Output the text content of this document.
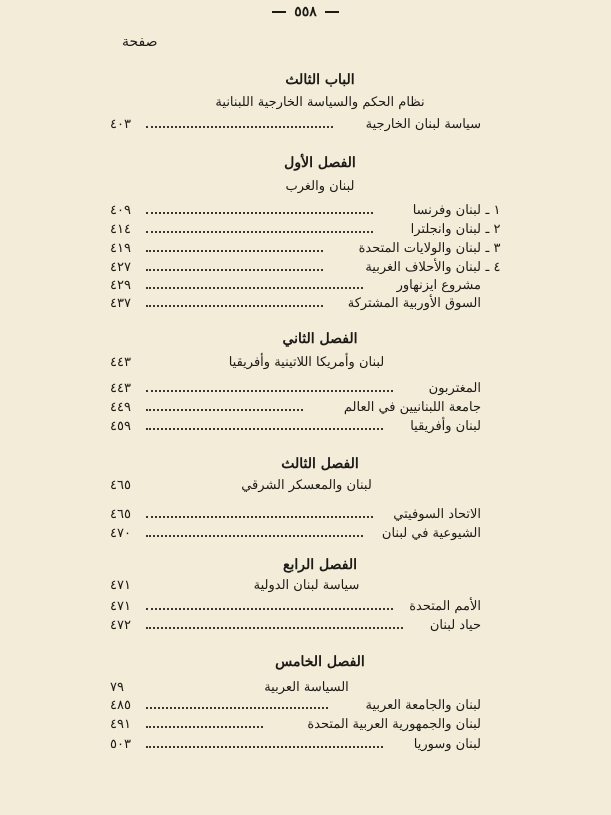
٥٥٨
صفحة
الباب الثالث
نظام الحكم والسياسة الخارجية اللبنانية
سياسة لبنان الخارجية
٤٠٣
الفصل الأول
لبنان والغرب
١ ـ
لبنان وفرنسا
٤٠٩
٢ ـ
لبنان وانجلترا
٤١٤
٣ ـ
لبنان والولايات المتحدة
٤١٩
٤ ـ
لبنان والأحلاف الغربية
٤٢٧
مشروع ايزنهاور
٤٢٩
السوق الأوربية المشتركة
٤٣٧
الفصل الثاني
لبنان وأمريكا اللاتينية وأفريقيا
٤٤٣
المغتربون
٤٤٣
جامعة اللبنانيين في العالم
٤٤٩
لبنان وأفريقيا
٤٥٩
الفصل الثالث
لبنان والمعسكر الشرقي
٤٦٥
الاتحاد السوفيتي
٤٦٥
الشيوعية في لبنان
٤٧٠
الفصل الرابع
سياسة لبنان الدولية
٤٧١
الأمم المتحدة
٤٧١
حياد لبنان
٤٧٢
الفصل الخامس
السياسة العربية
٧٩
لبنان والجامعة العربية
٤٨٥
لبنان والجمهورية العربية المتحدة
٤٩١
لبنان وسوريا
٥٠٣
